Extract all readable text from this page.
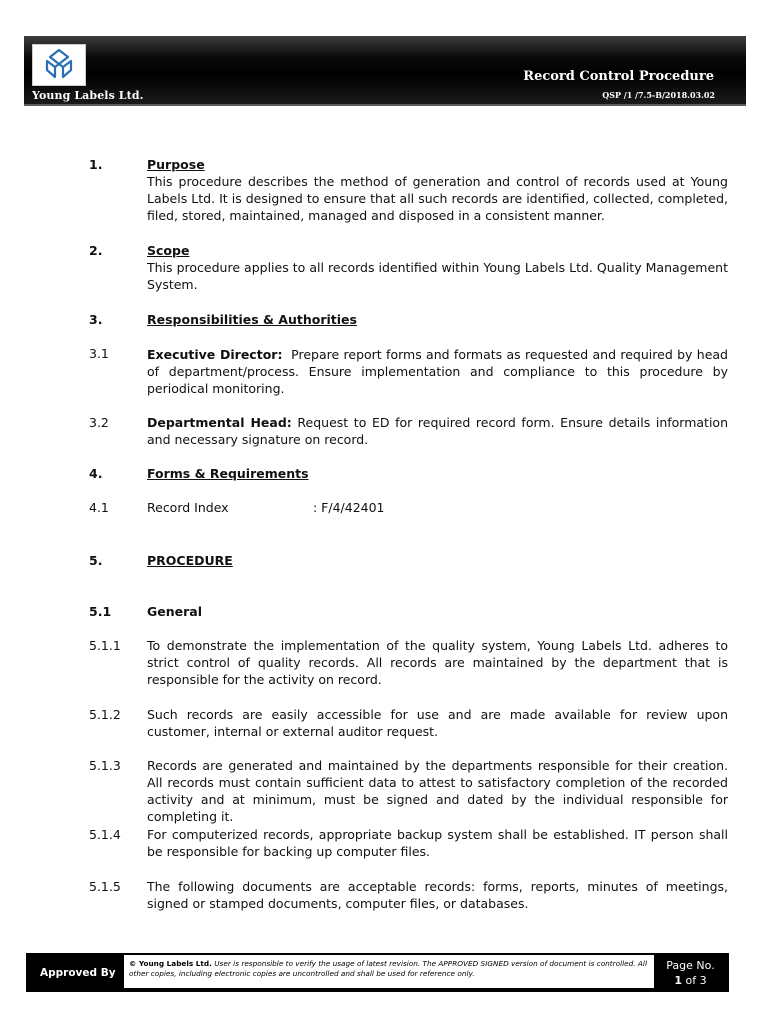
Young Labels Ltd.
Record Control Procedure
QSP /1 /7.5-B/2018.03.02
1.	Purpose
This procedure describes the method of generation and control of records used at Young Labels Ltd. It is designed to ensure that all such records are identified, collected, completed, filed, stored, maintained, managed and disposed in a consistent manner.
2.	Scope
This procedure applies to all records identified within Young Labels Ltd. Quality Management System.
3.	Responsibilities & Authorities
3.1	Executive Director: Prepare report forms and formats as requested and required by head of department/process. Ensure implementation and compliance to this procedure by periodical monitoring.
3.2	Departmental Head: Request to ED for required record form. Ensure details information and necessary signature on record.
4.	Forms & Requirements
4.1	Record Index	: F/4/42401
5.	PROCEDURE
5.1	General
5.1.1 To demonstrate the implementation of the quality system, Young Labels Ltd. adheres to strict control of quality records. All records are maintained by the department that is responsible for the activity on record.
5.1.2 Such records are easily accessible for use and are made available for review upon customer, internal or external auditor request.
5.1.3 Records are generated and maintained by the departments responsible for their creation. All records must contain sufficient data to attest to satisfactory completion of the recorded activity and at minimum, must be signed and dated by the individual responsible for completing it.
5.1.4 For computerized records, appropriate backup system shall be established. IT person shall be responsible for backing up computer files.
5.1.5 The following documents are acceptable records: forms, reports, minutes of meetings, signed or stamped documents, computer files, or databases.
Approved By
© Young Labels Ltd. User is responsible to verify the usage of latest revision. The APPROVED SIGNED version of document is controlled. All other copies, including electronic copies are uncontrolled and shall be used for reference only.
Page No.
1 of 3
